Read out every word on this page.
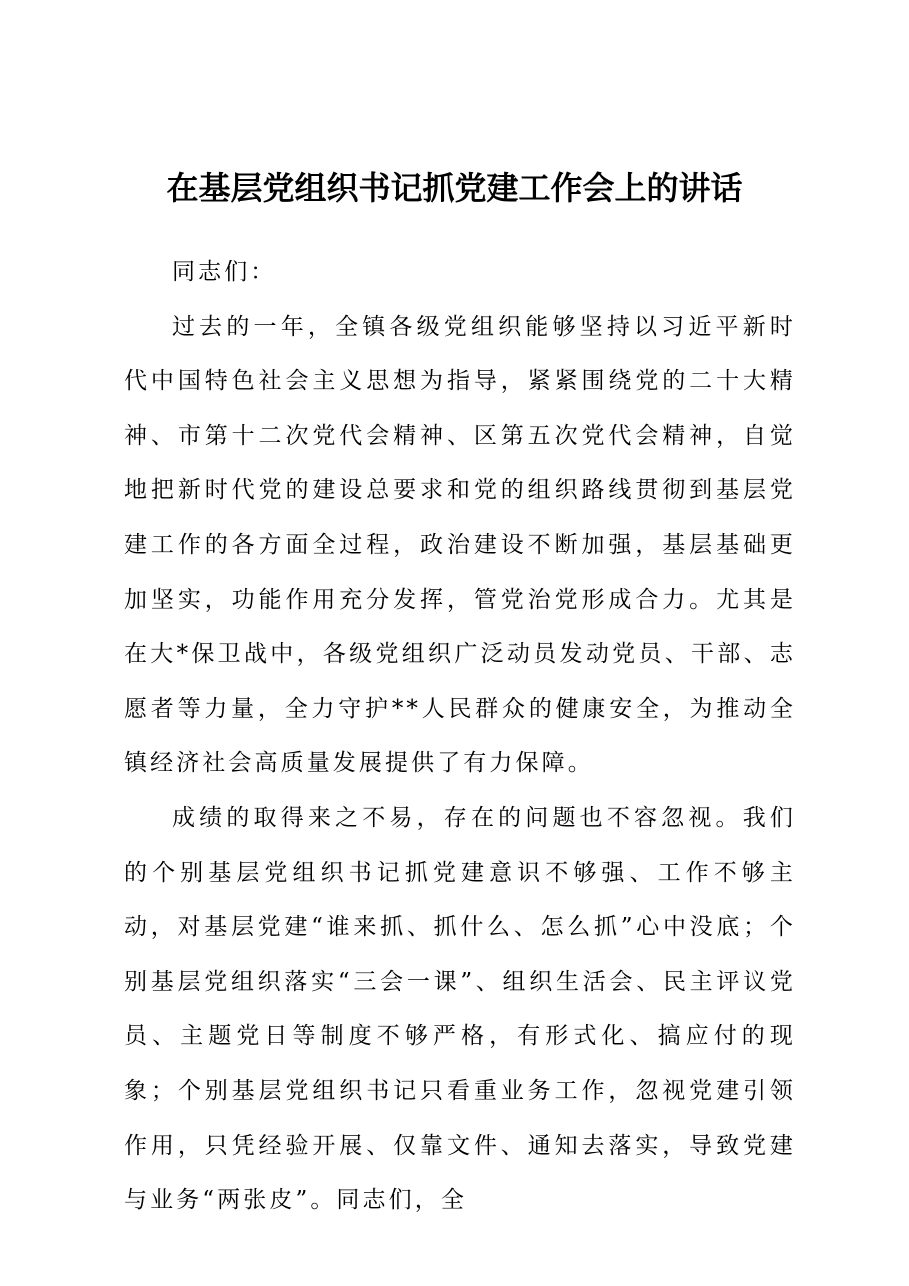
在基层党组织书记抓党建工作会上的讲话

同志们：

过去的一年，全镇各级党组织能够坚持以习近平新时代中国特色社会主义思想为指导，紧紧围绕党的二十大精神、市第十二次党代会精神、区第五次党代会精神，自觉地把新时代党的建设总要求和党的组织路线贯彻到基层党建工作的各方面全过程，政治建设不断加强，基层基础更加坚实，功能作用充分发挥，管党治党形成合力。尤其是在大*保卫战中，各级党组织广泛动员发动党员、干部、志愿者等力量，全力守护**人民群众的健康安全，为推动全镇经济社会高质量发展提供了有力保障。

成绩的取得来之不易，存在的问题也不容忽视。我们的个别基层党组织书记抓党建意识不够强、工作不够主动，对基层党建“谁来抓、抓什么、怎么抓”心中没底；个别基层党组织落实“三会一课”、组织生活会、民主评议党员、主题党日等制度不够严格，有形式化、搞应付的现象；个别基层党组织书记只看重业务工作，忽视党建引领作用，只凭经验开展、仅靠文件、通知去落实，导致党建与业务“两张皮”。同志们，全
